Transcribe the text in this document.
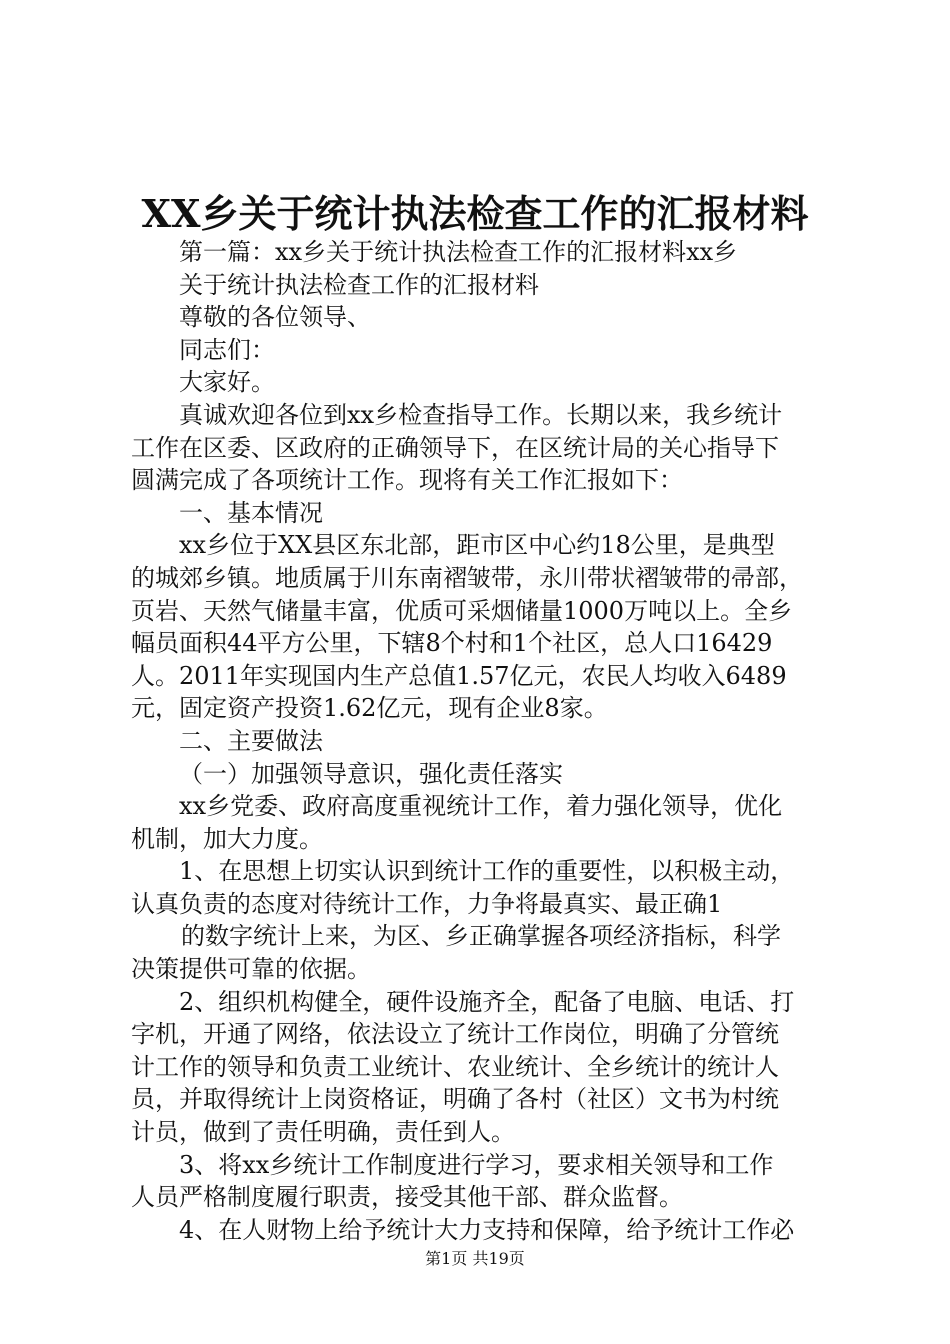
XX乡关于统计执法检查工作的汇报材料
第一篇：xx乡关于统计执法检查工作的汇报材料xx乡
关于统计执法检查工作的汇报材料
尊敬的各位领导、
同志们：
大家好。
真诚欢迎各位到xx乡检查指导工作。长期以来，我乡统计
工作在区委、区政府的正确领导下，在区统计局的关心指导下
圆满完成了各项统计工作。现将有关工作汇报如下：
一、基本情况
xx乡位于XX县区东北部，距市区中心约18公里，是典型
的城郊乡镇。地质属于川东南褶皱带，永川带状褶皱带的帚部，
页岩、天然气储量丰富，优质可采烟储量1000万吨以上。全乡
幅员面积44平方公里，下辖8个村和1个社区，总人口16429
人。2011年实现国内生产总值1.57亿元，农民人均收入6489
元，固定资产投资1.62亿元，现有企业8家。
二、主要做法
（一）加强领导意识，强化责任落实
xx乡党委、政府高度重视统计工作，着力强化领导，优化
机制，加大力度。
1、在思想上切实认识到统计工作的重要性，以积极主动，
认真负责的态度对待统计工作，力争将最真实、最正确1
的数字统计上来，为区、乡正确掌握各项经济指标，科学
决策提供可靠的依据。
2、组织机构健全，硬件设施齐全，配备了电脑、电话、打
字机，开通了网络，依法设立了统计工作岗位，明确了分管统
计工作的领导和负责工业统计、农业统计、全乡统计的统计人
员，并取得统计上岗资格证，明确了各村（社区）文书为村统
计员，做到了责任明确，责任到人。
3、将xx乡统计工作制度进行学习，要求相关领导和工作
人员严格制度履行职责，接受其他干部、群众监督。
4、在人财物上给予统计大力支持和保障，给予统计工作必
第1页 共19页
